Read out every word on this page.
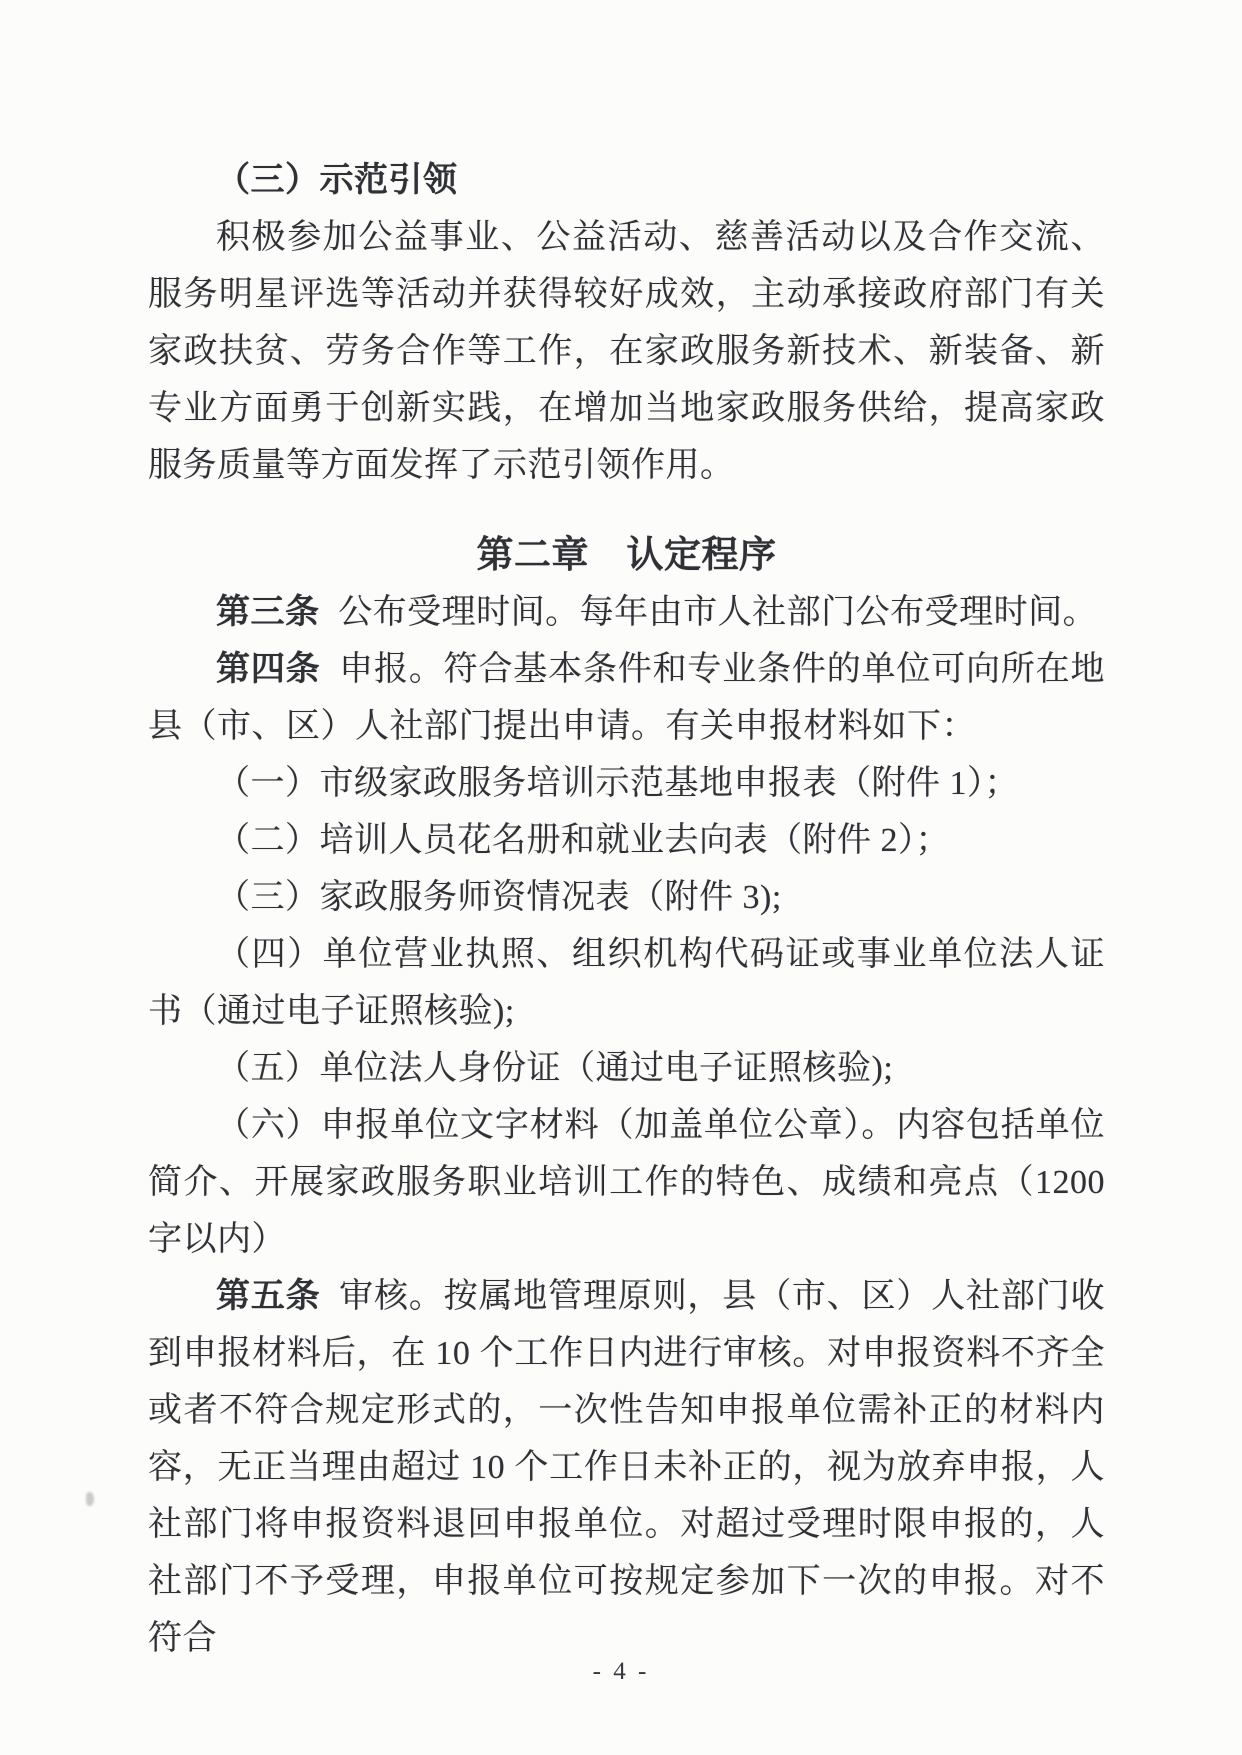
（三）示范引领

积极参加公益事业、公益活动、慈善活动以及合作交流、服务明星评选等活动并获得较好成效，主动承接政府部门有关家政扶贫、劳务合作等工作，在家政服务新技术、新装备、新专业方面勇于创新实践，在增加当地家政服务供给，提高家政服务质量等方面发挥了示范引领作用。

第二章　认定程序

第三条 公布受理时间。每年由市人社部门公布受理时间。

第四条 申报。符合基本条件和专业条件的单位可向所在地县（市、区）人社部门提出申请。有关申报材料如下：

（一）市级家政服务培训示范基地申报表（附件 1）；

（二）培训人员花名册和就业去向表（附件 2）；

（三）家政服务师资情况表（附件 3);

（四）单位营业执照、组织机构代码证或事业单位法人证书（通过电子证照核验);

（五）单位法人身份证（通过电子证照核验);

（六）申报单位文字材料（加盖单位公章）。内容包括单位简介、开展家政服务职业培训工作的特色、成绩和亮点（1200 字以内）

第五条 审核。按属地管理原则，县（市、区）人社部门收到申报材料后，在 10 个工作日内进行审核。对申报资料不齐全或者不符合规定形式的，一次性告知申报单位需补正的材料内容，无正当理由超过 10 个工作日未补正的，视为放弃申报，人社部门将申报资料退回申报单位。对超过受理时限申报的，人社部门不予受理，申报单位可按规定参加下一次的申报。对不符合

- 4 -
